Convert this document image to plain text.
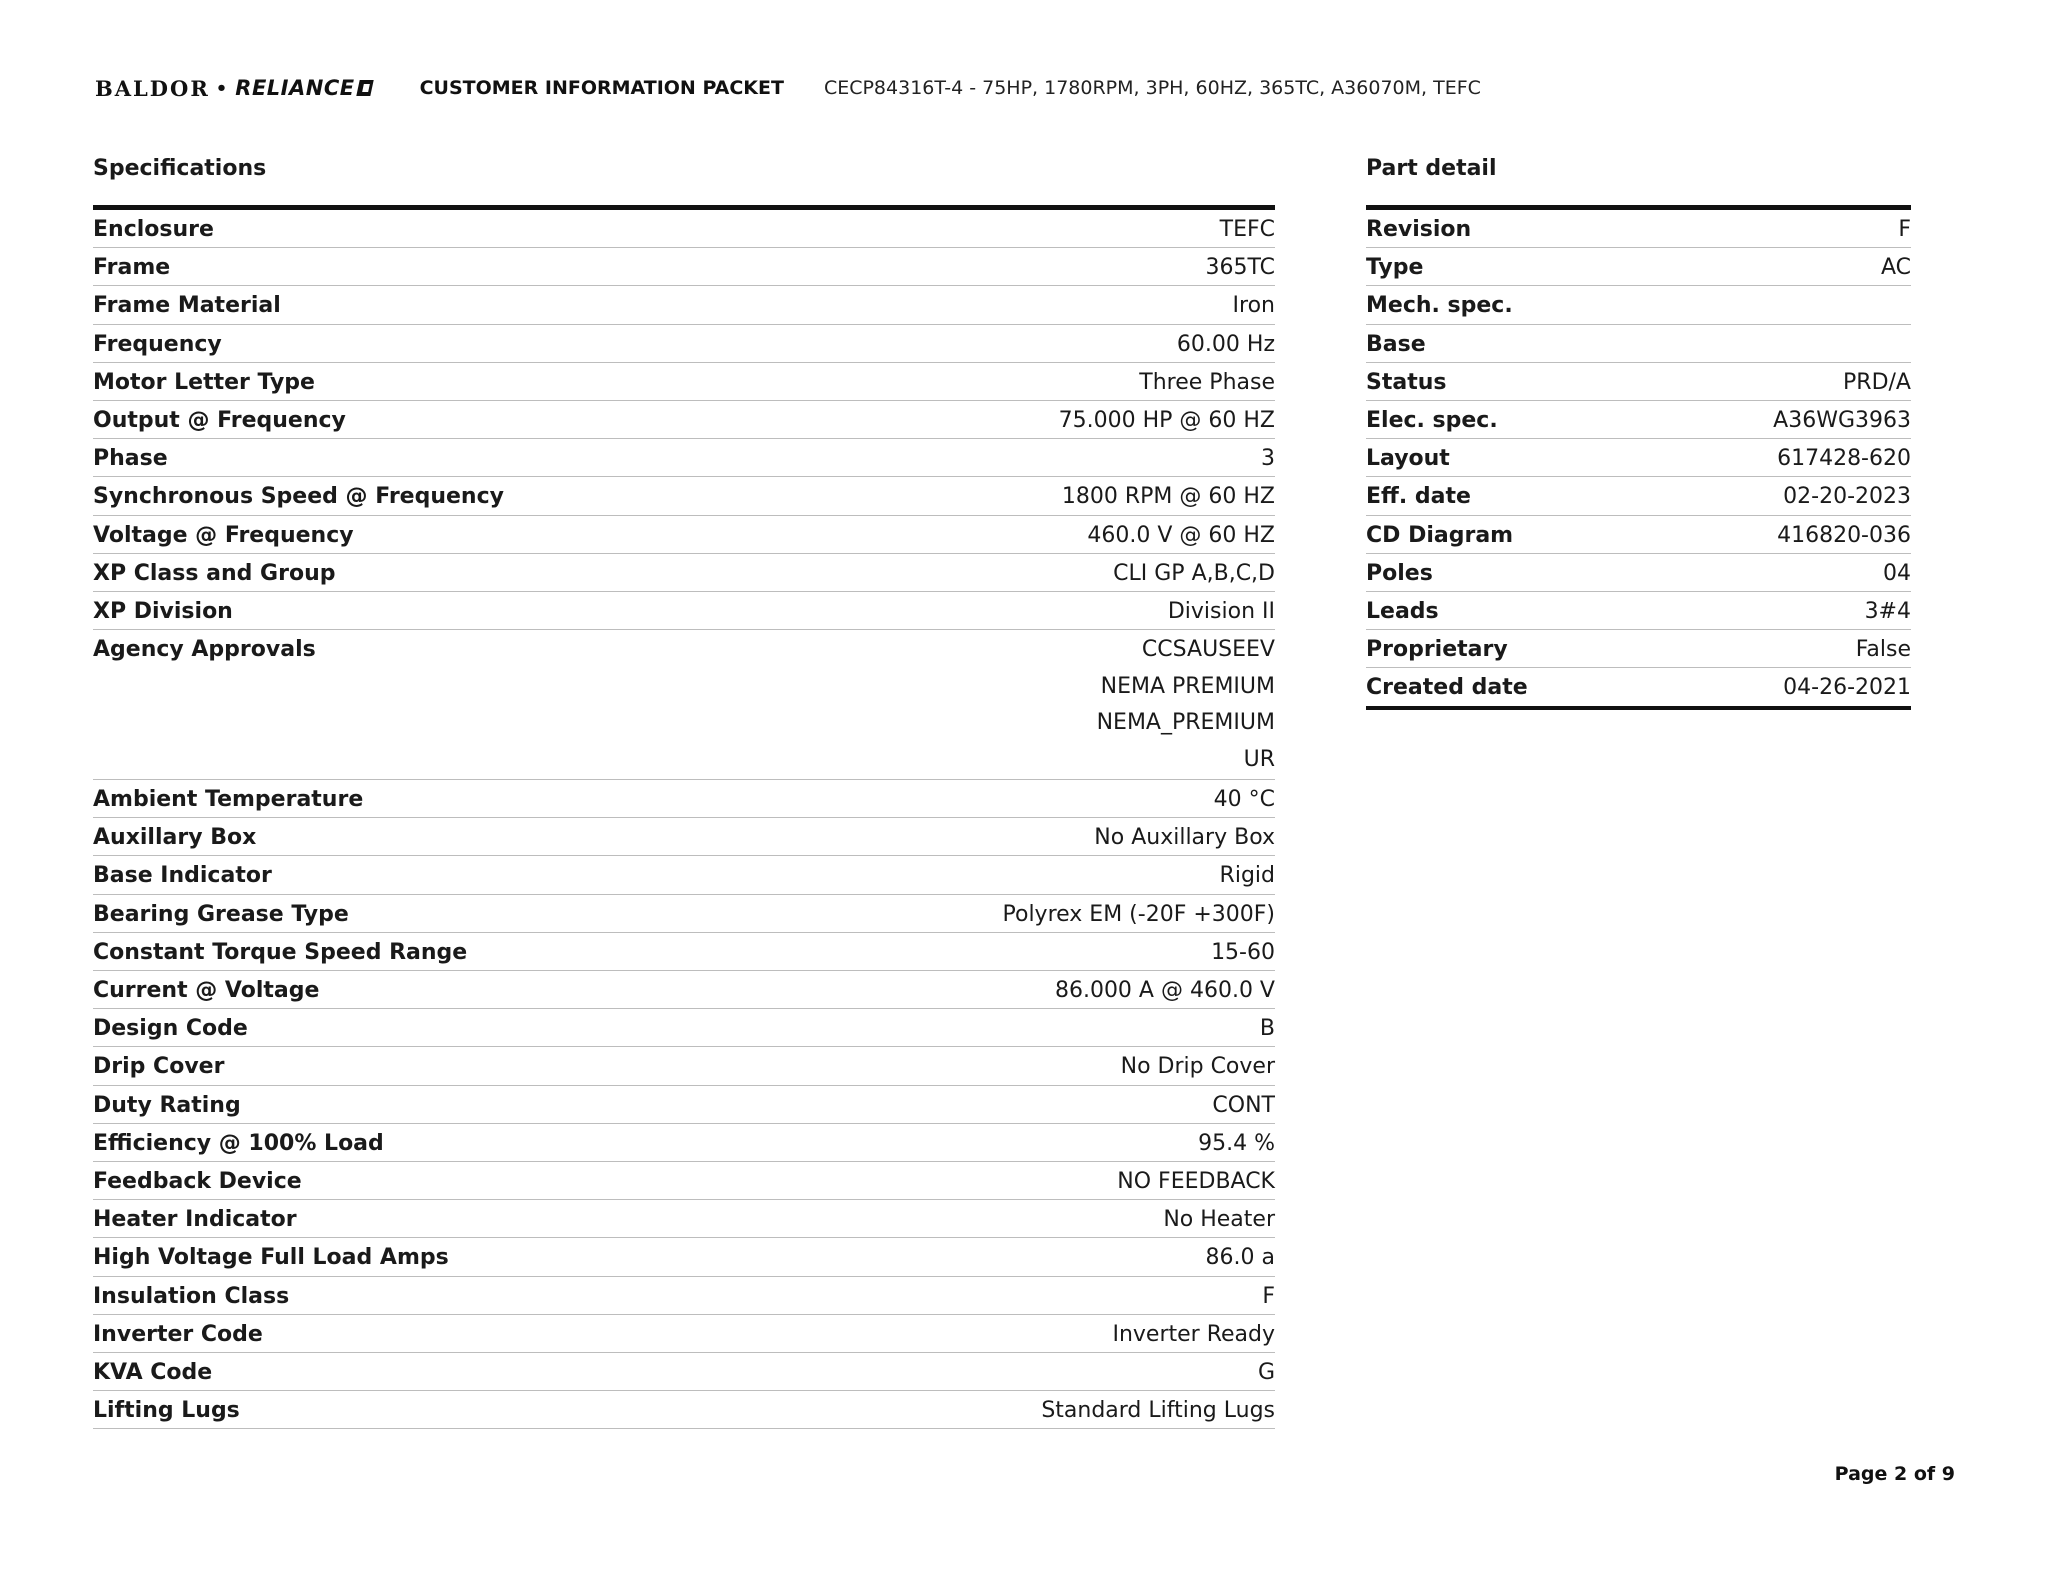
BALDOR • RELIANCE	CUSTOMER INFORMATION PACKET CECP84316T-4 - 75HP, 1780RPM, 3PH, 60HZ, 365TC, A36070M, TEFC
Specifications	Part detail
Enclosure	TEFC
Frame	365TC
Frame Material	Iron
Frequency	60.00 Hz
Motor Letter Type	Three Phase
Output @ Frequency	75.000 HP @ 60 HZ
Phase	3
Synchronous Speed @ Frequency	1800 RPM @ 60 HZ
Voltage @ Frequency	460.0 V @ 60 HZ
XP Class and Group	CLI GP A,B,C,D
XP Division	Division II
Agency Approvals	CCSAUSEEV
NEMA PREMIUM
NEMA_PREMIUM
UR
Ambient Temperature	40 °C
Auxillary Box	No Auxillary Box
Base Indicator	Rigid
Bearing Grease Type	Polyrex EM (-20F +300F)
Constant Torque Speed Range	15-60
Current @ Voltage	86.000 A @ 460.0 V
Design Code	B
Drip Cover	No Drip Cover
Duty Rating	CONT
Efficiency @ 100% Load	95.4 %
Feedback Device	NO FEEDBACK
Heater Indicator	No Heater
High Voltage Full Load Amps	86.0 a
Insulation Class	F
Inverter Code	Inverter Ready
KVA Code	G
Lifting Lugs	Standard Lifting Lugs
Revision	F
Type	AC
Mech. spec.
Base
Status	PRD/A
Elec. spec.	A36WG3963
Layout	617428-620
Eff. date	02-20-2023
CD Diagram	416820-036
Poles	04
Leads	3#4
Proprietary	False
Created date	04-26-2021
Page 2 of 9
